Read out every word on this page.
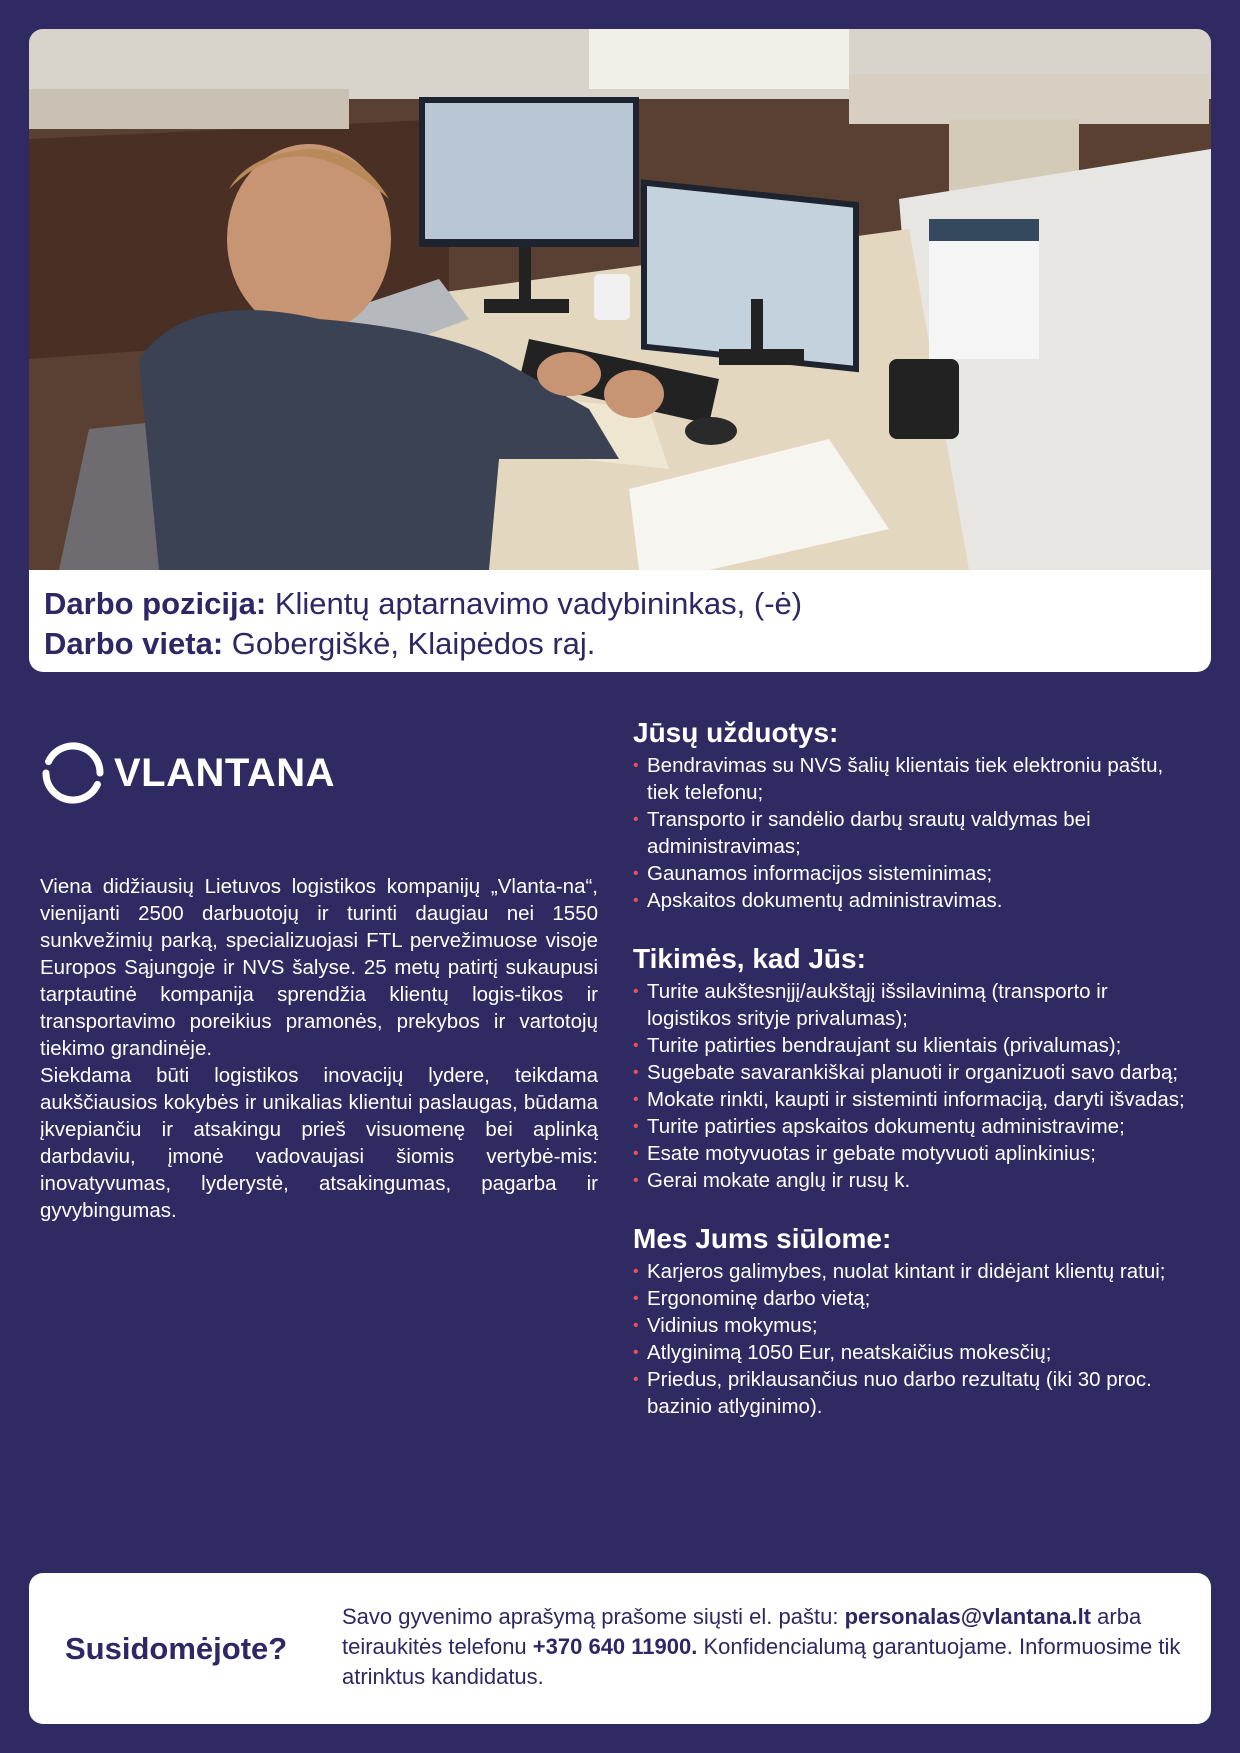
Darbo pozicija: Klientų aptarnavimo vadybininkas, (-ė)
Darbo vieta: Gobergiškė, Klaipėdos raj.
VLANTANA

Viena didžiausių Lietuvos logistikos kompanijų „Vlanta-na“, vienijanti 2500 darbuotojų ir turinti daugiau nei 1550 sunkvežimių parką, specializuojasi FTL pervežimuose visoje Europos Sąjungoje ir NVS šalyse. 25 metų patirtį sukaupusi tarptautinė kompanija sprendžia klientų logis-tikos ir transportavimo poreikius pramonės, prekybos ir vartotojų tiekimo grandinėje.

Siekdama būti logistikos inovacijų lydere, teikdama aukščiausios kokybės ir unikalias klientui paslaugas, būdama įkvepiančiu ir atsakingu prieš visuomenę bei aplinką darbdaviu, įmonė vadovaujasi šiomis vertybė-mis: inovatyvumas, lyderystė, atsakingumas, pagarba ir gyvybingumas.

Jūsų užduotys:
• Bendravimas su NVS šalių klientais tiek elektroniu paštu, tiek telefonu;
• Transporto ir sandėlio darbų srautų valdymas bei administravimas;
• Gaunamos informacijos sisteminimas;
• Apskaitos dokumentų administravimas.
Tikimės, kad Jūs:
• Turite aukštesnįjį/aukštąjį išsilavinimą (transporto ir logistikos srityje privalumas);
• Turite patirties bendraujant su klientais (privalumas);
• Sugebate savarankiškai planuoti ir organizuoti savo darbą;
• Mokate rinkti, kaupti ir sisteminti informaciją, daryti išvadas;
• Turite patirties apskaitos dokumentų administravime;
• Esate motyvuotas ir gebate motyvuoti aplinkinius;
• Gerai mokate anglų ir rusų k.
Mes Jums siūlome:
• Karjeros galimybes, nuolat kintant ir didėjant klientų ratui;
• Ergonominę darbo vietą;
• Vidinius mokymus;
• Atlyginimą 1050 Eur, neatskaičius mokesčių;
• Priedus, priklausančius nuo darbo rezultatų (iki 30 proc. bazinio atlyginimo).
Susidomėjote?
Savo gyvenimo aprašymą prašome siųsti el. paštu: personalas@vlantana.lt arba teiraukitės telefonu +370 640 11900. Konfidencialumą garantuojame. Informuosime tik atrinktus kandidatus.
